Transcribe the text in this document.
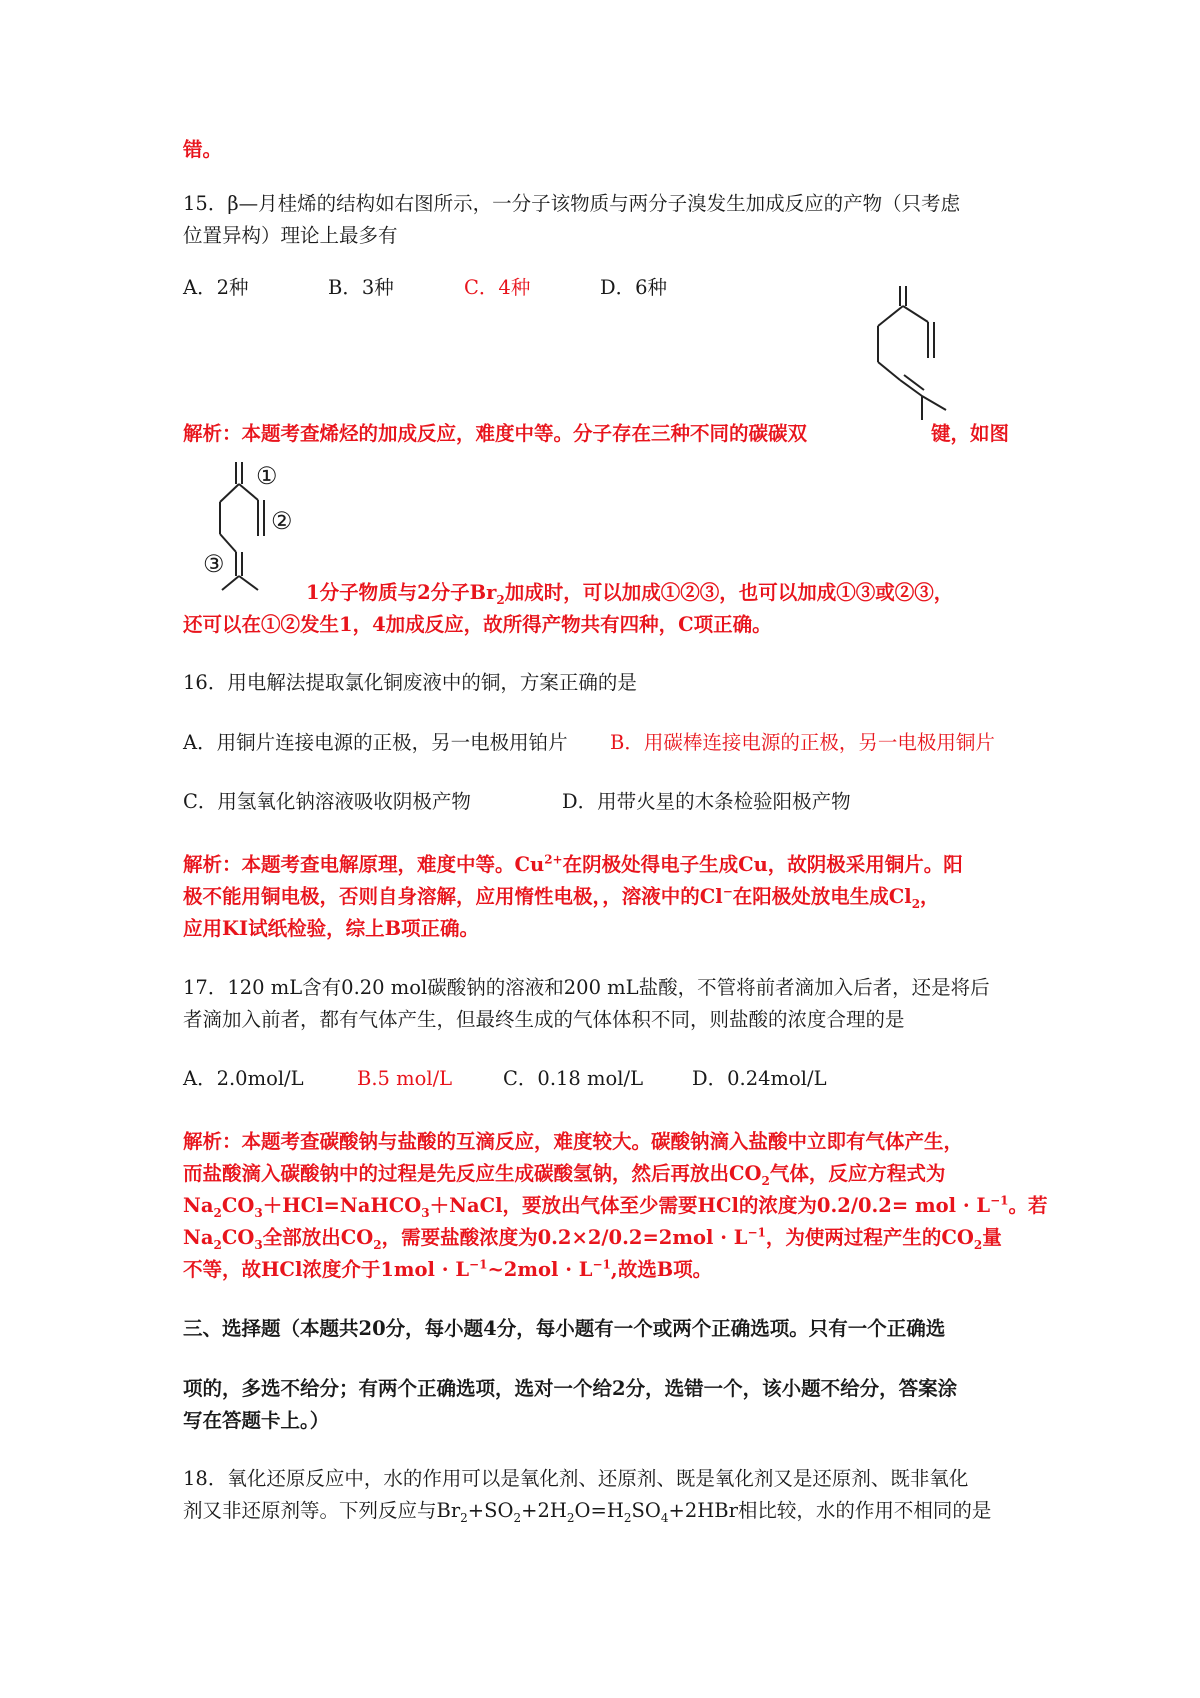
错。
15．β—月桂烯的结构如右图所示，一分子该物质与两分子溴发生加成反应的产物（只考虑
位置异构）理论上最多有
A．2种	B．3种	C．4种	D．6种
解析：本题考查烯烃的加成反应，难度中等。分子存在三种不同的碳碳双	键，如图
①
②
③
1分子物质与2分子$Br_2$加成时，可以加成①②③，也可以加成①③或②③，
还可以在①②发生1，4加成反应，故所得产物共有四种，C项正确。
16．用电解法提取氯化铜废液中的铜，方案正确的是
A．用铜片连接电源的正极，另一电极用铂片 B．用碳棒连接电源的正极，另一电极用铜片
C．用氢氧化钠溶液吸收阴极产物	D．用带火星的木条检验阳极产物
解析：本题考查电解原理，难度中等。$Cu^{2+}$在阴极处得电子生成Cu，故阴极采用铜片。阳
极不能用铜电极，否则自身溶解，应用惰性电极，，溶液中的Cl−在阳极处放电生成$Cl_2$，
应用KI试纸检验，综上B项正确。
17．120 mL含有0.20 mol碳酸钠的溶液和200 mL盐酸，不管将前者滴加入后者，还是将后
者滴加入前者，都有气体产生，但最终生成的气体体积不同，则盐酸的浓度合理的是
A．2.0mol/L	B.5 mol/L	C．0.18 mol/L	D．0.24mol/L
解析：本题考查碳酸钠与盐酸的互滴反应，难度较大。碳酸钠滴入盐酸中立即有气体产生，
而盐酸滴入碳酸钠中的过程是先反应生成碳酸氢钠，然后再放出$CO_2$气体，反应方程式为
$Na_2CO_3+HCl=NaHCO_3+NaCl$，要放出气体至少需要HCl的浓度为0.2/0.2= mol · $L^{-1}$。若
$Na_2CO_3$全部放出$CO_2$，需要盐酸浓度为$0.2\times 2/0.2=2mol \cdot L^{-1}$，为使两过程产生的$CO_2$量
不等，故HCl浓度介于$1mol \cdot L^{-1}\sim 2mol \cdot L^{-1}$,故选B项。
三、选择题（本题共20分，每小题4分，每小题有一个或两个正确选项。只有一个正确选
项的，多选不给分；有两个正确选项，选对一个给2分，选错一个，该小题不给分，答案涂
写在答题卡上。）
18．氧化还原反应中，水的作用可以是氧化剂、还原剂、既是氧化剂又是还原剂、既非氧化
剂又非还原剂等。下列反应与$Br_2+SO_2+2H_2O=H_2SO_4+2HBr$相比较，水的作用不相同的是
